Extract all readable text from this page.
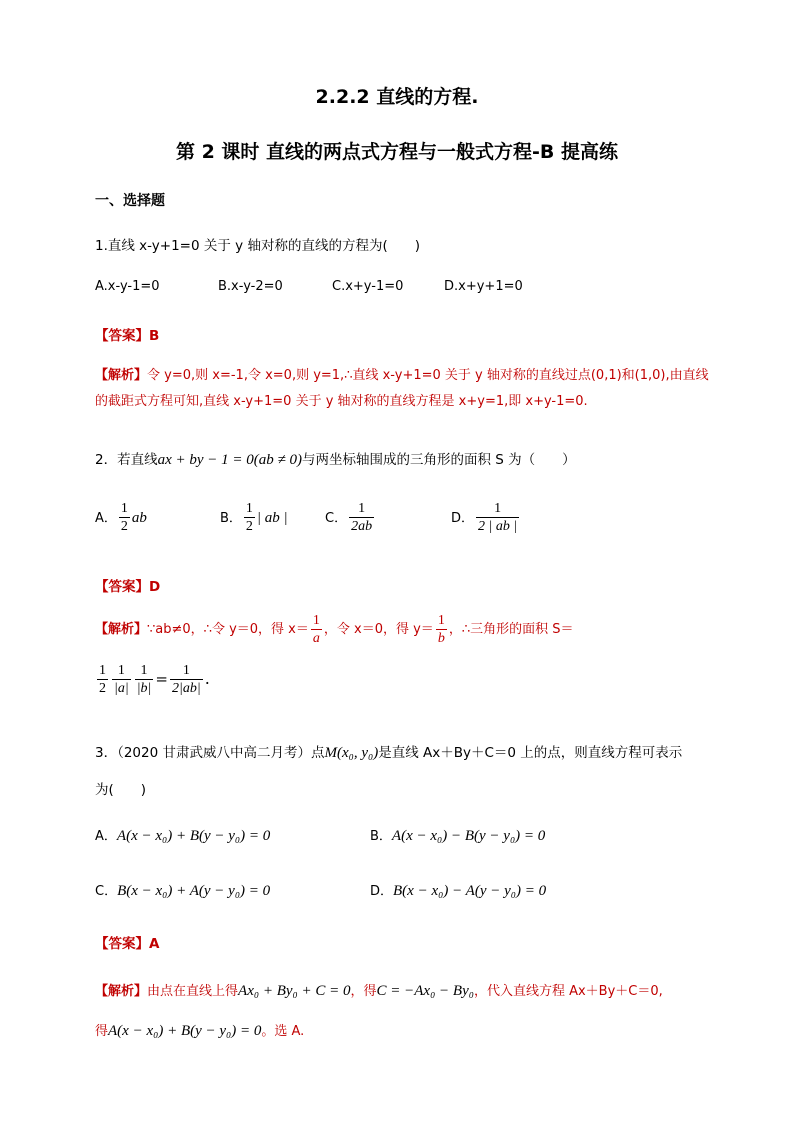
2.2.2 直线的方程.
第 2 课时 直线的两点式方程与一般式方程-B 提高练
一、选择题
1.直线 x-y+1=0 关于 y 轴对称的直线的方程为(　　)
A.x-y-1=0	B.x-y-2=0	C.x+y-1=0	D.x+y+1=0
【答案】B
【解析】令 y=0,则 x=-1,令 x=0,则 y=1,∴直线 x-y+1=0 关于 y 轴对称的直线过点(0,1)和(1,0),由直线
的截距式方程可知,直线 x-y+1=0 关于 y 轴对称的直线方程是 x+y=1,即 x+y-1=0.
2．若直线ax + by − 1 = 0(ab ≠ 0)与两坐标轴围成的三角形的面积 S 为（　　）
A． $\frac{1}{2}$ ab	B． $\frac{1}{2}$ | ab |	C． $\frac{1}{2ab}$	D． $\frac{1}{2 | ab |}$
【答案】D
【解析】∵ab≠0，∴令 y＝0，得 $x= \frac{1}{a}$ ，令 x＝0，得 $y= \frac{1}{b}$ ，∴三角形的面积 S＝
$\frac{1}{2} \frac{1}{|a|} \frac{1}{|b|} = \frac{1}{2|ab|}$ .
3．（2020 甘肃武威八中高二月考）点M(x₀, y₀)是直线 Ax＋By＋C＝0 上的点，则直线方程可表示
为(　　)
A．A(x − x₀) + B(y − y₀) = 0	B．A(x − x₀) − B(y − y₀) = 0
C．B(x − x₀) + A(y − y₀) = 0	D．B(x − x₀) − A(y − y₀) = 0
【答案】A
【解析】由点在直线上得Ax₀ + By₀ + C = 0，得C = −Ax₀ − By₀，代入直线方程 Ax＋By＋C＝0,
得A(x − x₀) + B(y − y₀) = 0。选 A.
